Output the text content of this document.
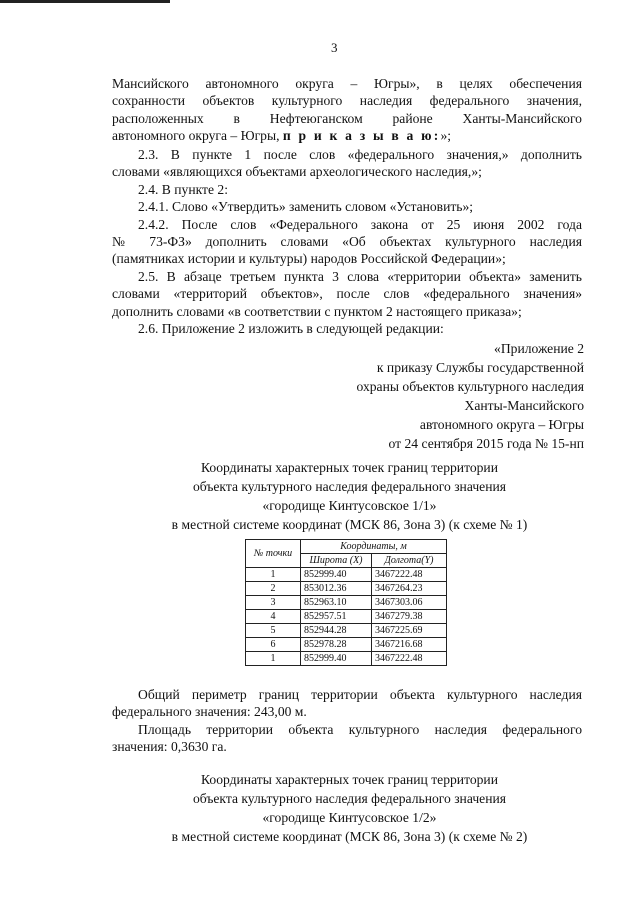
3
Мансийского автономного округа – Югры», в целях обеспечения
сохранности объектов культурного наследия федерального значения,
расположенных в Нефтеюганском районе Ханты-Мансийского
автономного округа – Югры, п р и к а з ы в а ю:»;
2.3. В пункте 1 после слов «федерального значения,» дополнить
словами «являющихся объектами археологического наследия,»;
2.4. В пункте 2:
2.4.1. Слово «Утвердить» заменить словом «Установить»;
2.4.2. После слов «Федерального закона от 25 июня 2002 года
№ 73-ФЗ» дополнить словами «Об объектах культурного наследия
(памятниках истории и культуры) народов Российской Федерации»;
2.5. В абзаце третьем пункта 3 слова «территории объекта» заменить
словами «территорий объектов», после слов «федерального значения»
дополнить словами «в соответствии с пунктом 2 настоящего приказа»;
2.6. Приложение 2 изложить в следующей редакции:
«Приложение 2
к приказу Службы государственной
охраны объектов культурного наследия
Ханты-Мансийского
автономного округа – Югры
от 24 сентября 2015 года № 15-нп
Координаты характерных точек границ территории
объекта культурного наследия федерального значения
«городище Кинтусовское 1/1»
в местной системе координат (МСК 86, Зона 3) (к схеме № 1)
№ точки	Координаты, м	
	Широта (X)	Долгота(Y)
1	852999.40	3467222.48
2	853012.36	3467264.23
3	852963.10	3467303.06
4	852957.51	3467279.38
5	852944.28	3467225.69
6	852978.28	3467216.68
1	852999.40	3467222.48
Общий периметр границ территории объекта культурного наследия
федерального значения: 243,00 м.
Площадь территории объекта культурного наследия федерального
значения: 0,3630 га.
Координаты характерных точек границ территории
объекта культурного наследия федерального значения
«городище Кинтусовское 1/2»
в местной системе координат (МСК 86, Зона 3) (к схеме № 2)
